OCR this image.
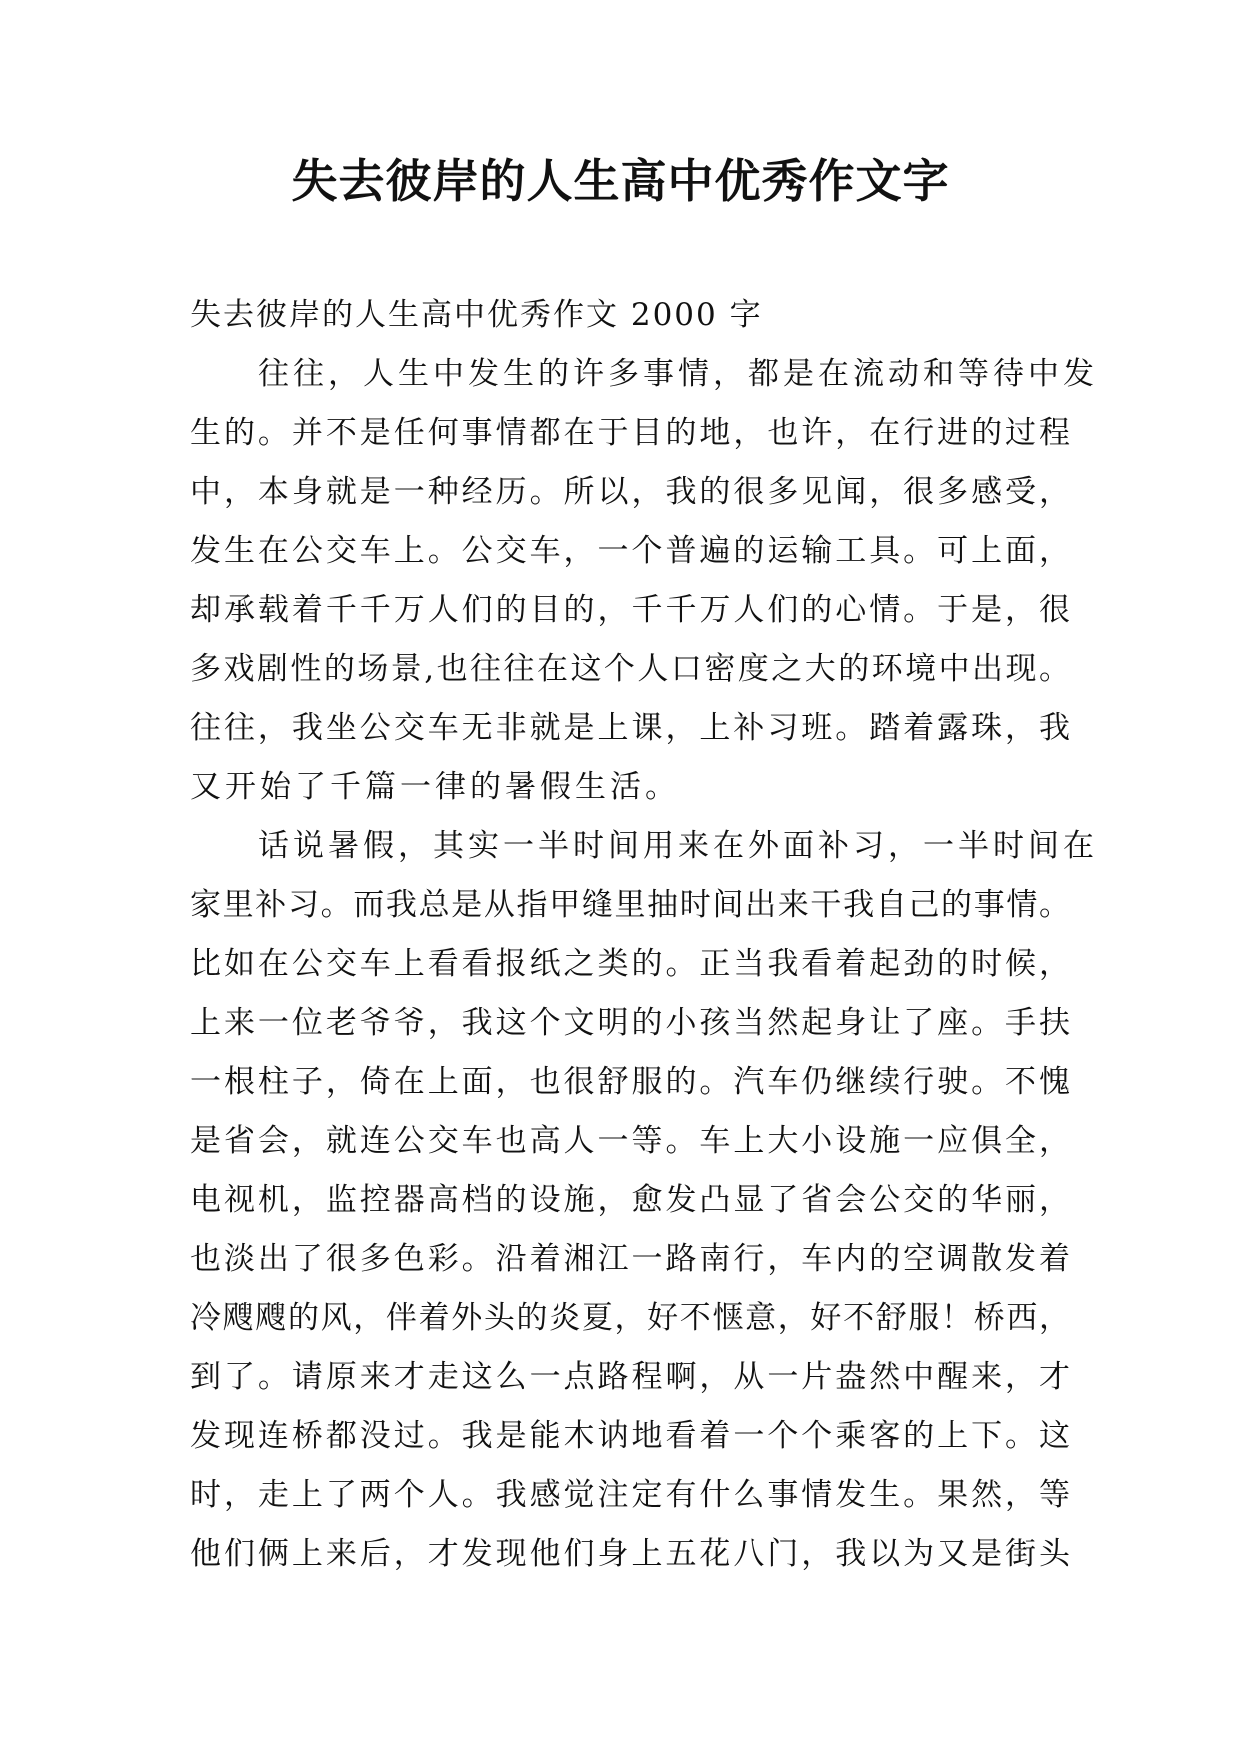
失去彼岸的人生高中优秀作文字
失去彼岸的人生高中优秀作文 2000 字
往往，人生中发生的许多事情，都是在流动和等待中发
生的。并不是任何事情都在于目的地，也许，在行进的过程
中，本身就是一种经历。所以，我的很多见闻，很多感受，
发生在公交车上。公交车，一个普遍的运输工具。可上面，
却承载着千千万人们的目的，千千万人们的心情。于是，很
多戏剧性的场景,也往往在这个人口密度之大的环境中出现。
往往，我坐公交车无非就是上课，上补习班。踏着露珠，我
又开始了千篇一律的暑假生活。
话说暑假，其实一半时间用来在外面补习，一半时间在
家里补习。而我总是从指甲缝里抽时间出来干我自己的事情。
比如在公交车上看看报纸之类的。正当我看着起劲的时候，
上来一位老爷爷，我这个文明的小孩当然起身让了座。手扶
一根柱子，倚在上面，也很舒服的。汽车仍继续行驶。不愧
是省会，就连公交车也高人一等。车上大小设施一应俱全，
电视机，监控器高档的设施，愈发凸显了省会公交的华丽，
也淡出了很多色彩。沿着湘江一路南行，车内的空调散发着
冷飕飕的风，伴着外头的炎夏，好不惬意，好不舒服！桥西，
到了。请原来才走这么一点路程啊，从一片盎然中醒来，才
发现连桥都没过。我是能木讷地看着一个个乘客的上下。这
时，走上了两个人。我感觉注定有什么事情发生。果然，等
他们俩上来后，才发现他们身上五花八门，我以为又是街头
